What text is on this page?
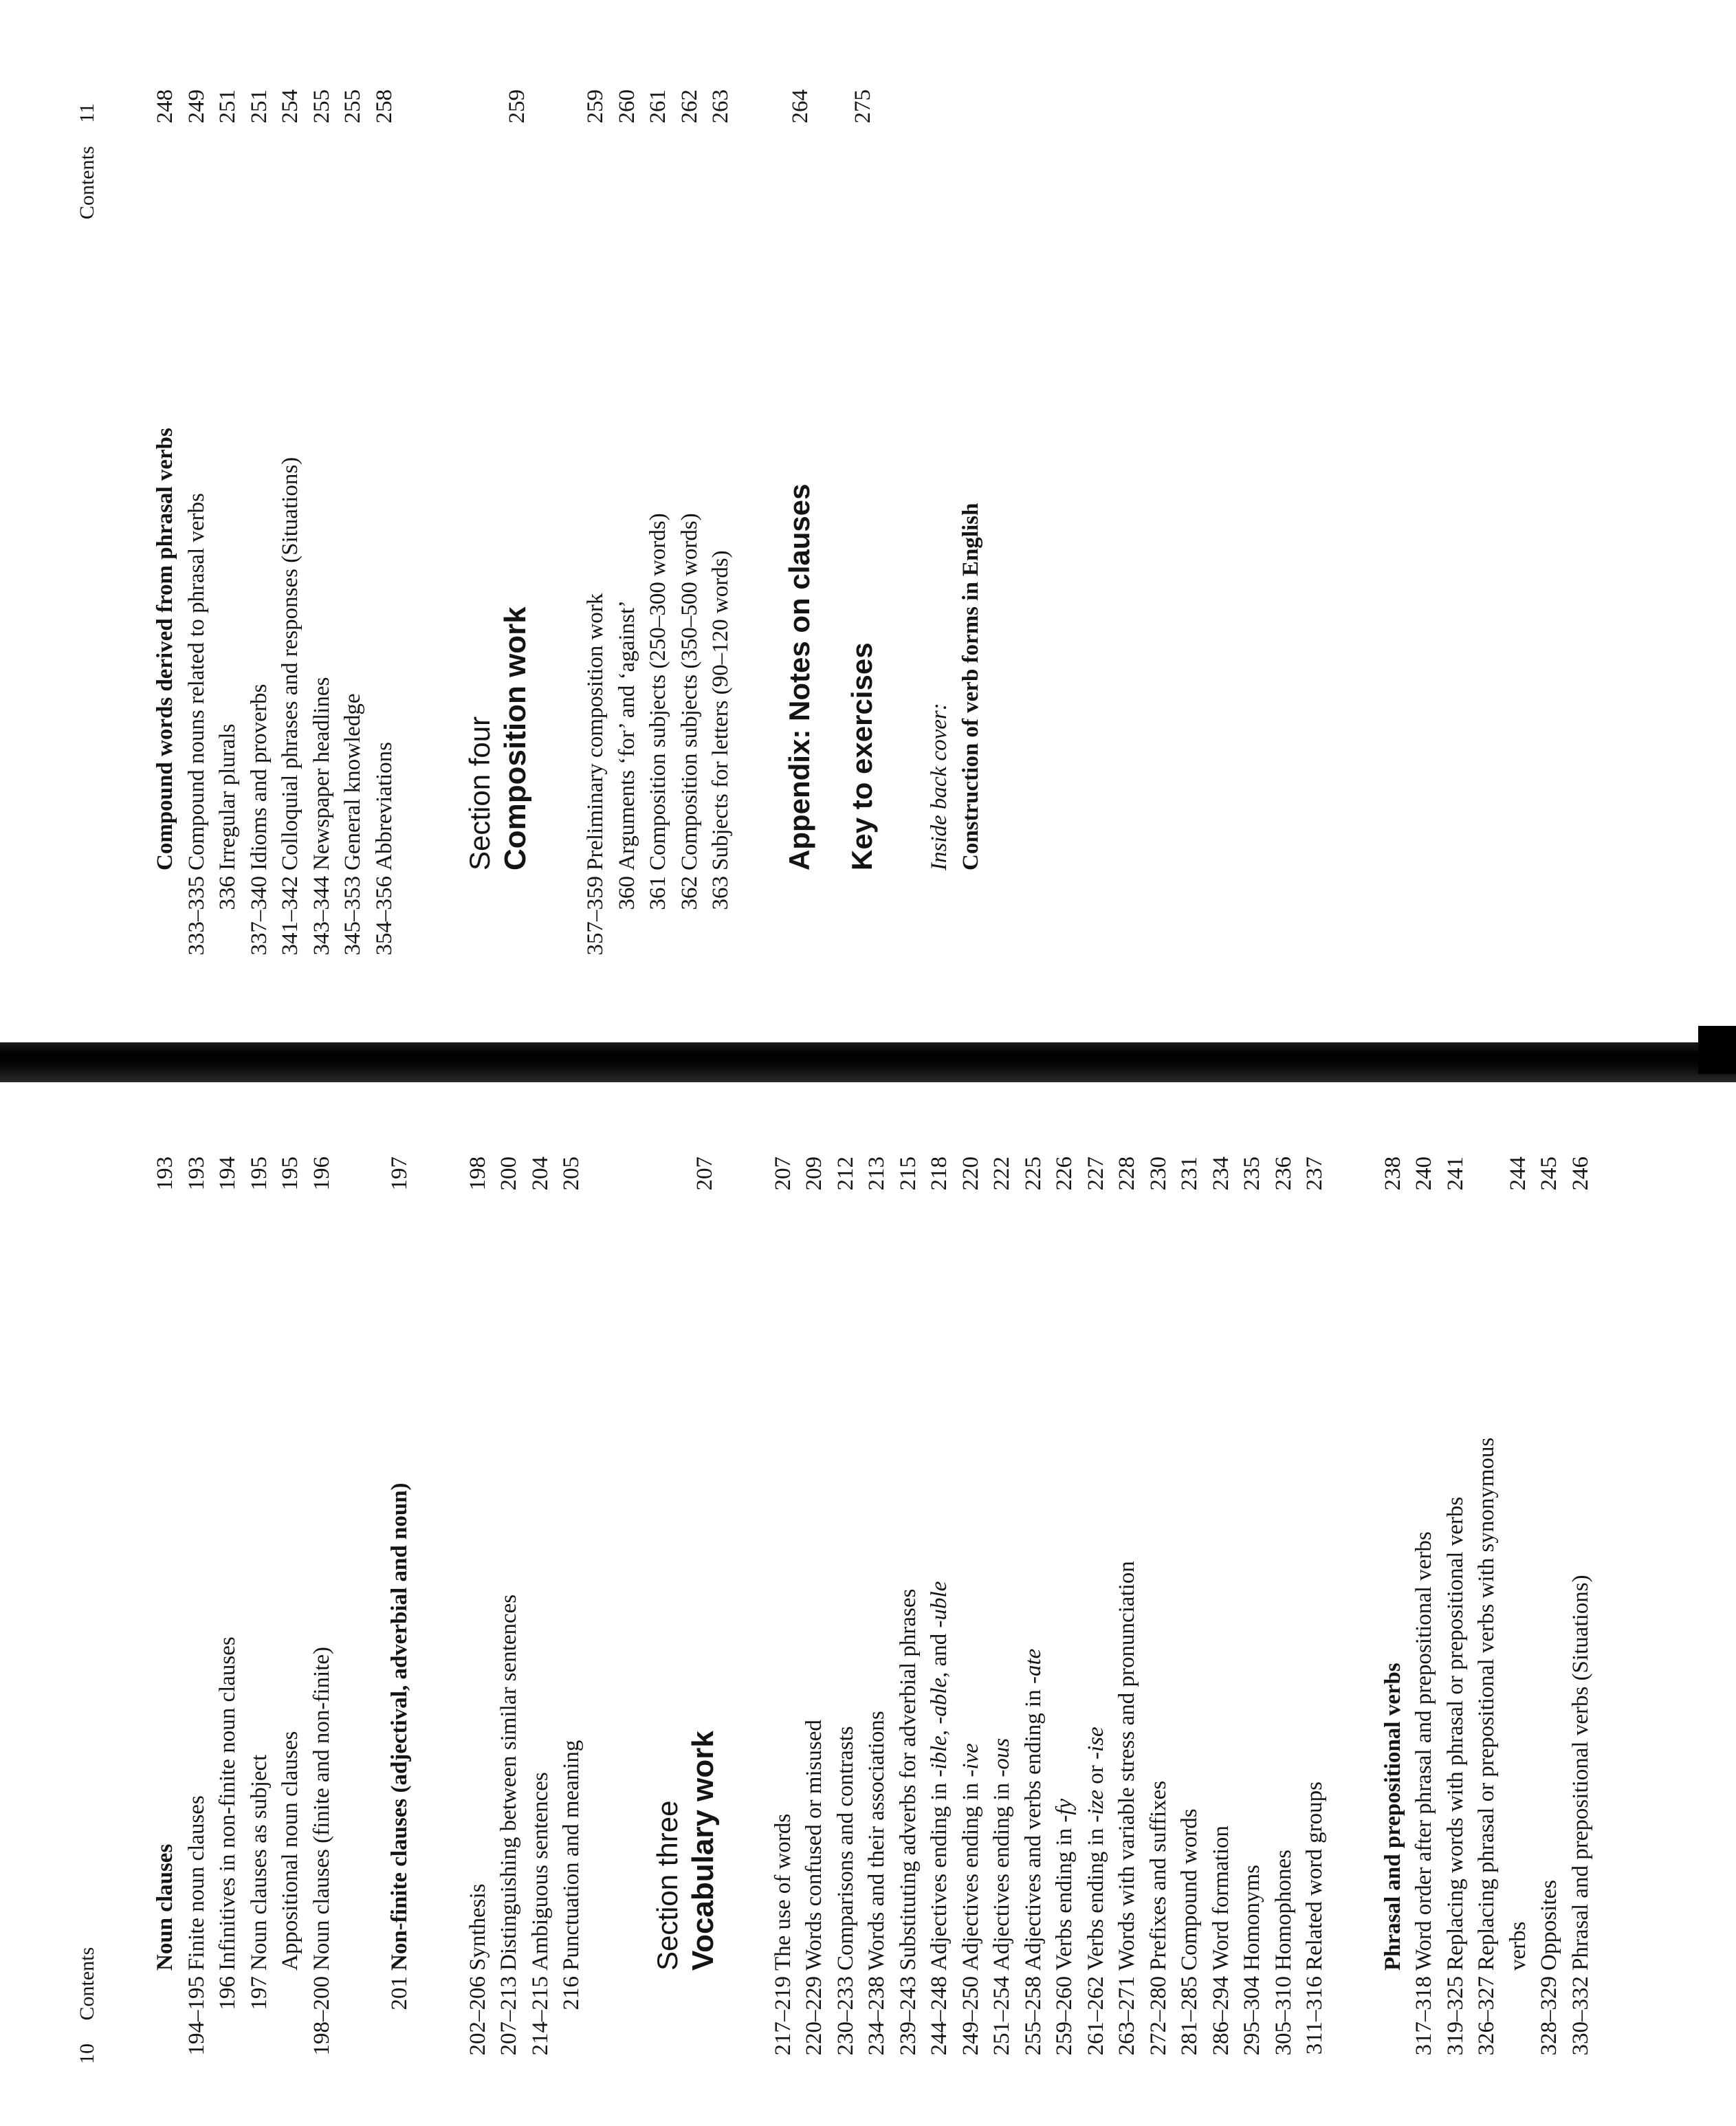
10 Contents
Noun clauses
193
194–195
Finite noun clauses
193
196
Infinitives in non-finite noun clauses
194
197
Noun clauses as subject
195
Appositional noun clauses
195
198–200
Noun clauses (finite and non-finite)
196
201
Non-finite clauses (adjectival, adverbial and noun)
197
202–206
Synthesis
198
207–213
Distinguishing between similar sentences
200
214–215
Ambiguous sentences
204
216
Punctuation and meaning
205
Section three Vocabulary work
207
217–219
The use of words
207
220–229
Words confused or misused
209
230–233
Comparisons and contrasts
212
234–238
Words and their associations
213
239–243
Substituting adverbs for adverbial phrases
215
244–248
Adjectives ending in -ible, -able, and -uble
218
249–250
Adjectives ending in -ive
220
251–254
Adjectives ending in -ous
222
255–258
Adjectives and verbs ending in -ate
225
259–260
Verbs ending in -fy
226
261–262
Verbs ending in -ize or -ise
227
263–271
Words with variable stress and pronunciation
228
272–280
Prefixes and suffixes
230
281–285
Compound words
231
286–294
Word formation
234
295–304
Homonyms
235
305–310
Homophones
236
311–316
Related word groups
237
Phrasal and prepositional verbs
238
317–318
Word order after phrasal and prepositional verbs
240
319–325
Replacing words with phrasal or prepositional verbs
241
326–327
Replacing phrasal or prepositional verbs with synonymous verbs
244
328–329
Opposites
245
330–332
Phrasal and prepositional verbs (Situations)
246
Contents 11
Compound words derived from phrasal verbs
248
333–335
Compound nouns related to phrasal verbs
249
336
Irregular plurals
251
337–340
Idioms and proverbs
251
341–342
Colloquial phrases and responses (Situations)
254
343–344
Newspaper headlines
255
345–353
General knowledge
255
354–356
Abbreviations
258
Section four Composition work
259
357–359
Preliminary composition work
259
360
Arguments ‘for’ and ‘against’
260
361
Composition subjects (250–300 words)
261
362
Composition subjects (350–500 words)
262
363
Subjects for letters (90–120 words)
263
Appendix: Notes on clauses
264
Key to exercises
275
Inside back cover: Construction of verb forms in English
